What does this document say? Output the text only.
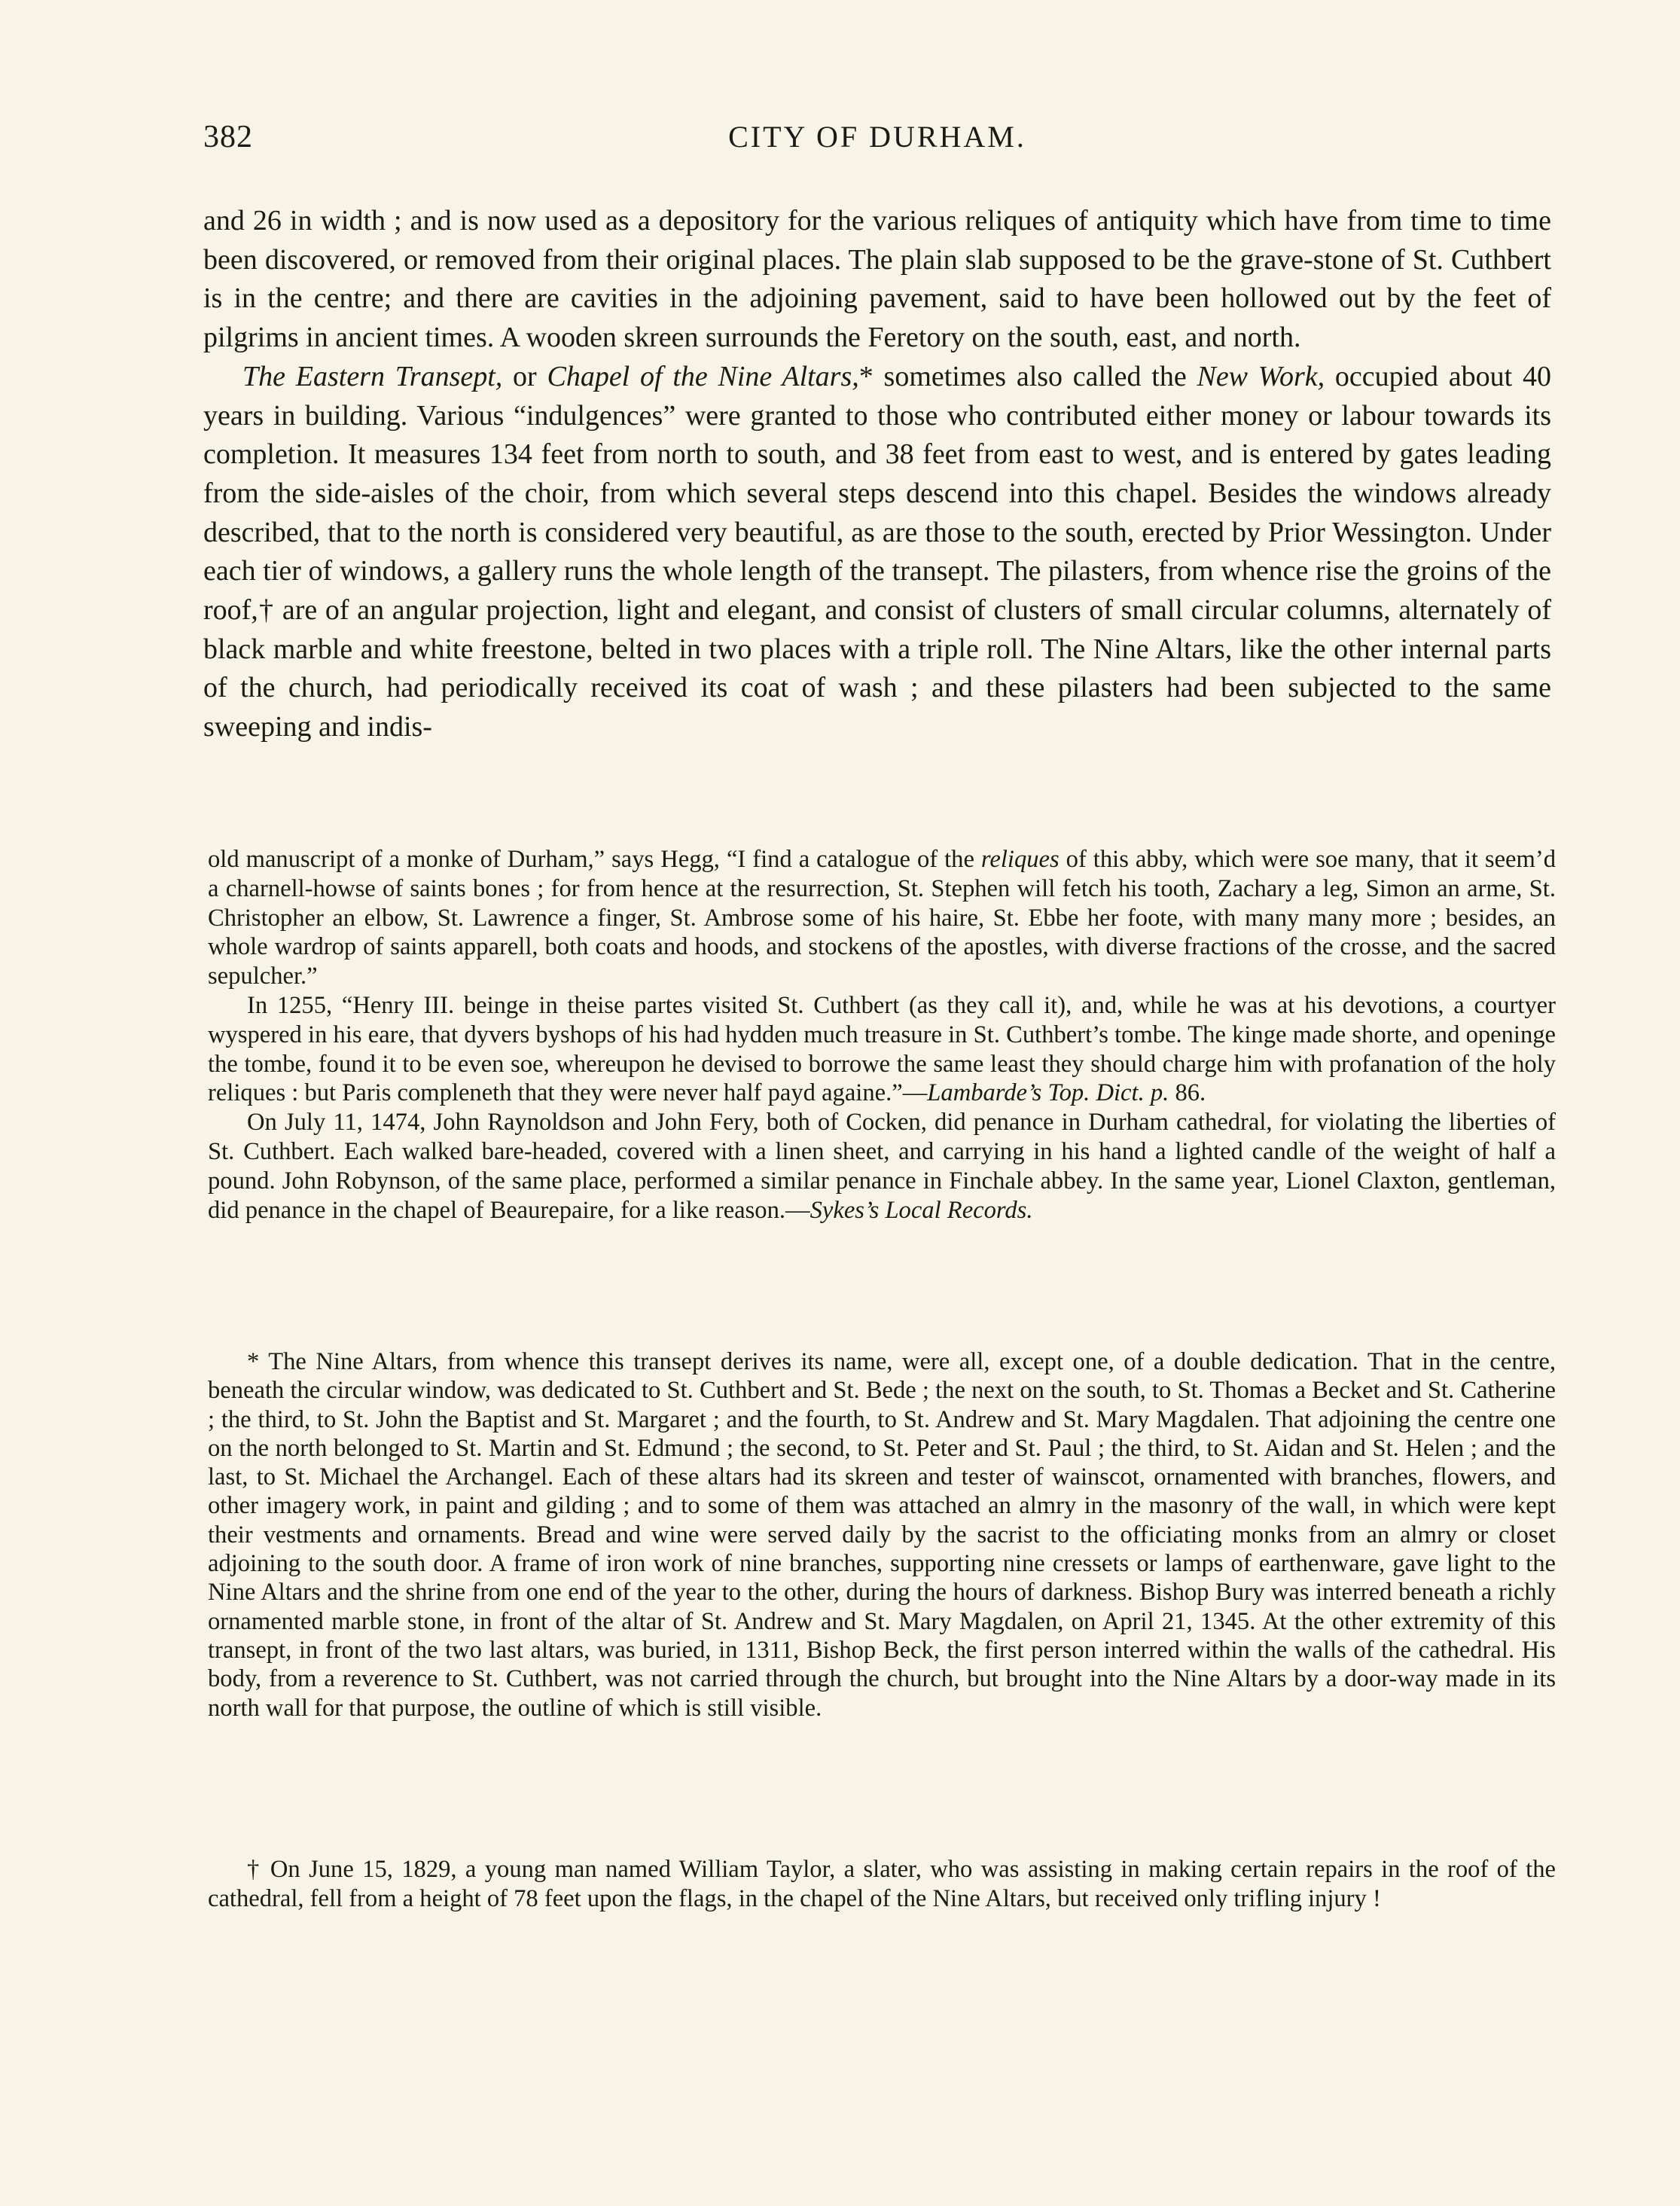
382	CITY OF DURHAM.

and 26 in width ; and is now used as a depository for the various reliques of antiquity which have from time to time been discovered, or removed from their original places. The plain slab supposed to be the grave-stone of St. Cuthbert is in the centre; and there are cavities in the adjoining pavement, said to have been hollowed out by the feet of pilgrims in ancient times. A wooden skreen surrounds the Feretory on the south, east, and north.

The Eastern Transept, or Chapel of the Nine Altars,* sometimes also called the New Work, occupied about 40 years in building. Various “indulgences” were granted to those who contributed either money or labour towards its completion. It measures 134 feet from north to south, and 38 feet from east to west, and is entered by gates leading from the side-aisles of the choir, from which several steps descend into this chapel. Besides the windows already described, that to the north is considered very beautiful, as are those to the south, erected by Prior Wessington. Under each tier of windows, a gallery runs the whole length of the transept. The pilasters, from whence rise the groins of the roof,† are of an angular projection, light and elegant, and consist of clusters of small circular columns, alternately of black marble and white freestone, belted in two places with a triple roll. The Nine Altars, like the other internal parts of the church, had periodically received its coat of wash ; and these pilasters had been subjected to the same sweeping and indis-

old manuscript of a monke of Durham,” says Hegg, “I find a catalogue of the reliques of this abby, which were soe many, that it seem’d a charnell-howse of saints bones ; for from hence at the resurrection, St. Stephen will fetch his tooth, Zachary a leg, Simon an arme, St. Christopher an elbow, St. Lawrence a finger, St. Ambrose some of his haire, St. Ebbe her foote, with many many more ; besides, an whole wardrop of saints apparell, both coats and hoods, and stockens of the apostles, with diverse fractions of the crosse, and the sacred sepulcher.”

In 1255, “Henry III. beinge in theise partes visited St. Cuthbert (as they call it), and, while he was at his devotions, a courtyer wyspered in his eare, that dyvers byshops of his had hydden much treasure in St. Cuthbert’s tombe. The kinge made shorte, and openinge the tombe, found it to be even soe, whereupon he devised to borrowe the same least they should charge him with profanation of the holy reliques : but Paris compleneth that they were never half payd againe.”—Lambarde’s Top. Dict. p. 86.

On July 11, 1474, John Raynoldson and John Fery, both of Cocken, did penance in Durham cathedral, for violating the liberties of St. Cuthbert. Each walked bare-headed, covered with a linen sheet, and carrying in his hand a lighted candle of the weight of half a pound. John Robynson, of the same place, performed a similar penance in Finchale abbey. In the same year, Lionel Claxton, gentleman, did penance in the chapel of Beaurepaire, for a like reason.—Sykes’s Local Records.

* The Nine Altars, from whence this transept derives its name, were all, except one, of a double dedication. That in the centre, beneath the circular window, was dedicated to St. Cuthbert and St. Bede ; the next on the south, to St. Thomas a Becket and St. Catherine ; the third, to St. John the Baptist and St. Margaret ; and the fourth, to St. Andrew and St. Mary Magdalen. That adjoining the centre one on the north belonged to St. Martin and St. Edmund ; the second, to St. Peter and St. Paul ; the third, to St. Aidan and St. Helen ; and the last, to St. Michael the Archangel. Each of these altars had its skreen and tester of wainscot, ornamented with branches, flowers, and other imagery work, in paint and gilding ; and to some of them was attached an almry in the masonry of the wall, in which were kept their vestments and ornaments. Bread and wine were served daily by the sacrist to the officiating monks from an almry or closet adjoining to the south door. A frame of iron work of nine branches, supporting nine cressets or lamps of earthenware, gave light to the Nine Altars and the shrine from one end of the year to the other, during the hours of darkness. Bishop Bury was interred beneath a richly ornamented marble stone, in front of the altar of St. Andrew and St. Mary Magdalen, on April 21, 1345. At the other extremity of this transept, in front of the two last altars, was buried, in 1311, Bishop Beck, the first person interred within the walls of the cathedral. His body, from a reverence to St. Cuthbert, was not carried through the church, but brought into the Nine Altars by a door-way made in its north wall for that purpose, the outline of which is still visible.

† On June 15, 1829, a young man named William Taylor, a slater, who was assisting in making certain repairs in the roof of the cathedral, fell from a height of 78 feet upon the flags, in the chapel of the Nine Altars, but received only trifling injury !
